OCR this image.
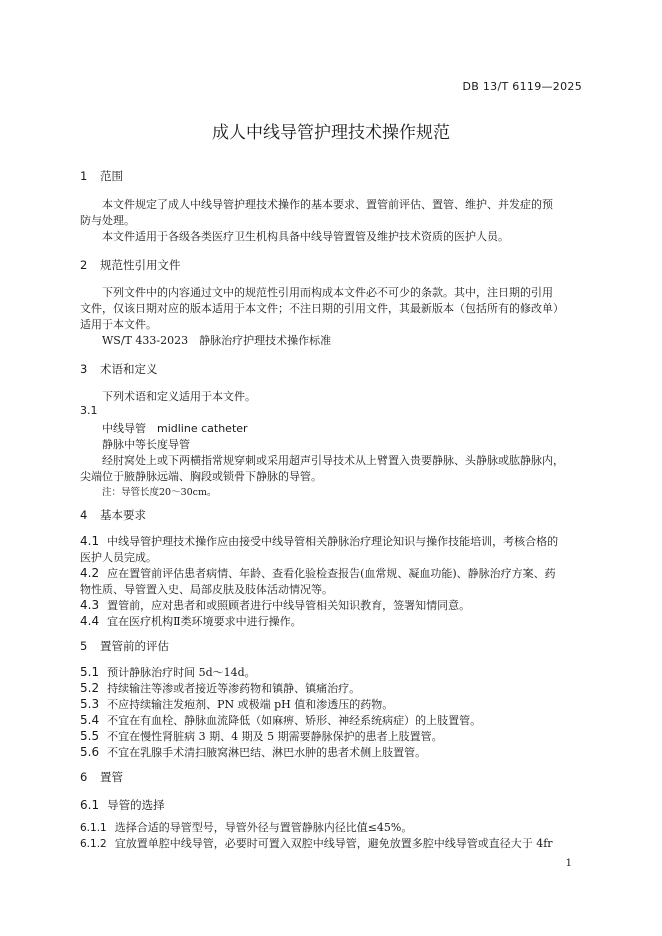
DB 13/T 6119—2025
成人中线导管护理技术操作规范
1 范围
本文件规定了成人中线导管护理技术操作的基本要求、置管前评估、置管、维护、并发症的预
防与处理。
本文件适用于各级各类医疗卫生机构具备中线导管置管及维护技术资质的医护人员。
2 规范性引用文件
下列文件中的内容通过文中的规范性引用而构成本文件必不可少的条款。其中，注日期的引用
文件，仅该日期对应的版本适用于本文件；不注日期的引用文件，其最新版本（包括所有的修改单）
适用于本文件。
WS/T 433-2023　静脉治疗护理技术操作标准
3 术语和定义
下列术语和定义适用于本文件。
3.1
中线导管　 midline catheter
静脉中等长度导管
经肘窝处上或下两横指常规穿刺或采用超声引导技术从上臂置入贵要静脉、头静脉或肱静脉内，
尖端位于腋静脉远端、胸段或锁骨下静脉的导管。
注：导管长度20～30cm。
4 基本要求
4.1 中线导管护理技术操作应由接受中线导管相关静脉治疗理论知识与操作技能培训，考核合格的
医护人员完成。
4.2 应在置管前评估患者病情、年龄、查看化验检查报告(血常规、凝血功能)、静脉治疗方案、药
物性质、导管置入史、局部皮肤及肢体活动情况等。
4.3 置管前，应对患者和或照顾者进行中线导管相关知识教育，签署知情同意。
4.4 宜在医疗机构Ⅱ类环境要求中进行操作。
5 置管前的评估
5.1 预计静脉治疗时间 5d～14d。
5.2 持续输注等渗或者接近等渗药物和镇静、镇痛治疗。
5.3 不应持续输注发疱剂、PN 或极端 pH 值和渗透压的药物。
5.4 不宜在有血栓、静脉血流降低（如麻痹、矫形、神经系统病症）的上肢置管。
5.5 不宜在慢性肾脏病 3 期、4 期及 5 期需要静脉保护的患者上肢置管。
5.6 不宜在乳腺手术清扫腋窝淋巴结、淋巴水肿的患者术侧上肢置管。
6 置管
6.1 导管的选择
6.1.1 选择合适的导管型号，导管外径与置管静脉内径比值≤45%。
6.1.2 宜放置单腔中线导管，必要时可置入双腔中线导管，避免放置多腔中线导管或直径大于 4fr
1
